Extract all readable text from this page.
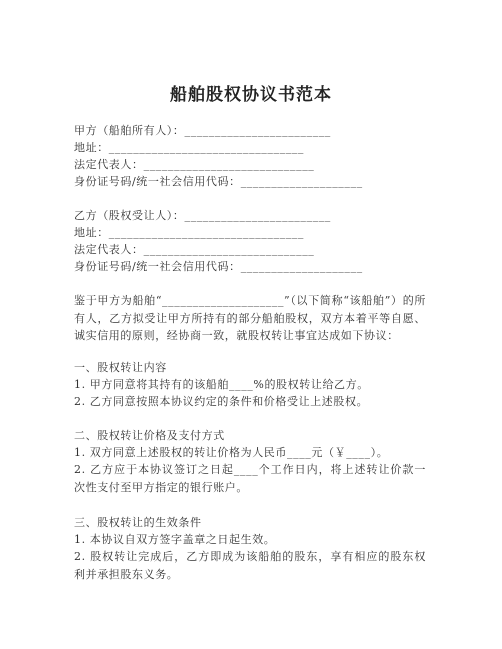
船舶股权协议书范本
甲方（船舶所有人）：________________________
地址：________________________________
法定代表人：____________________________
身份证号码/统一社会信用代码：____________________
乙方（股权受让人）：________________________
地址：________________________________
法定代表人：____________________________
身份证号码/统一社会信用代码：____________________

鉴于甲方为船舶“____________________”（以下简称“该船舶”）的所有人，乙方拟受让甲方所持有的部分船舶股权，双方本着平等自愿、诚实信用的原则，经协商一致，就股权转让事宜达成如下协议：

一、股权转让内容
1. 甲方同意将其持有的该船舶____%的股权转让给乙方。
2. 乙方同意按照本协议约定的条件和价格受让上述股权。
二、股权转让价格及支付方式
1. 双方同意上述股权的转让价格为人民币____元（￥____）。

2. 乙方应于本协议签订之日起____个工作日内，将上述转让价款一次性支付至甲方指定的银行账户。

三、股权转让的生效条件
1. 本协议自双方签字盖章之日起生效。

2. 股权转让完成后，乙方即成为该船舶的股东，享有相应的股东权利并承担股东义务。
